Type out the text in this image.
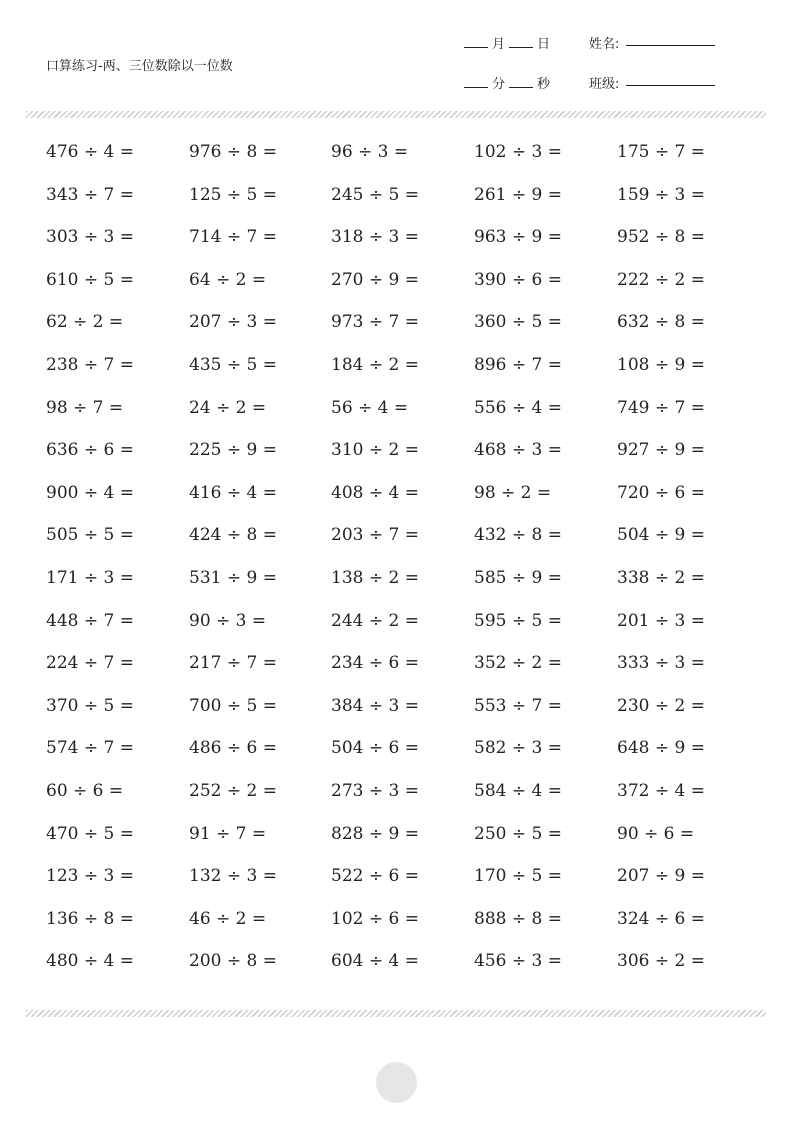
口算练习-两、三位数除以一位数
月 日
分 秒
姓名:
班级:
476 ÷ 4 =	976 ÷ 8 =	96 ÷ 3 =	102 ÷ 3 =	175 ÷ 7 =
343 ÷ 7 =	125 ÷ 5 =	245 ÷ 5 =	261 ÷ 9 =	159 ÷ 3 =
303 ÷ 3 =	714 ÷ 7 =	318 ÷ 3 =	963 ÷ 9 =	952 ÷ 8 =
610 ÷ 5 =	64 ÷ 2 =	270 ÷ 9 =	390 ÷ 6 =	222 ÷ 2 =
62 ÷ 2 =	207 ÷ 3 =	973 ÷ 7 =	360 ÷ 5 =	632 ÷ 8 =
238 ÷ 7 =	435 ÷ 5 =	184 ÷ 2 =	896 ÷ 7 =	108 ÷ 9 =
98 ÷ 7 =	24 ÷ 2 =	56 ÷ 4 =	556 ÷ 4 =	749 ÷ 7 =
636 ÷ 6 =	225 ÷ 9 =	310 ÷ 2 =	468 ÷ 3 =	927 ÷ 9 =
900 ÷ 4 =	416 ÷ 4 =	408 ÷ 4 =	98 ÷ 2 =	720 ÷ 6 =
505 ÷ 5 =	424 ÷ 8 =	203 ÷ 7 =	432 ÷ 8 =	504 ÷ 9 =
171 ÷ 3 =	531 ÷ 9 =	138 ÷ 2 =	585 ÷ 9 =	338 ÷ 2 =
448 ÷ 7 =	90 ÷ 3 =	244 ÷ 2 =	595 ÷ 5 =	201 ÷ 3 =
224 ÷ 7 =	217 ÷ 7 =	234 ÷ 6 =	352 ÷ 2 =	333 ÷ 3 =
370 ÷ 5 =	700 ÷ 5 =	384 ÷ 3 =	553 ÷ 7 =	230 ÷ 2 =
574 ÷ 7 =	486 ÷ 6 =	504 ÷ 6 =	582 ÷ 3 =	648 ÷ 9 =
60 ÷ 6 =	252 ÷ 2 =	273 ÷ 3 =	584 ÷ 4 =	372 ÷ 4 =
470 ÷ 5 =	91 ÷ 7 =	828 ÷ 9 =	250 ÷ 5 =	90 ÷ 6 =
123 ÷ 3 =	132 ÷ 3 =	522 ÷ 6 =	170 ÷ 5 =	207 ÷ 9 =
136 ÷ 8 =	46 ÷ 2 =	102 ÷ 6 =	888 ÷ 8 =	324 ÷ 6 =
480 ÷ 4 =	200 ÷ 8 =	604 ÷ 4 =	456 ÷ 3 =	306 ÷ 2 =
